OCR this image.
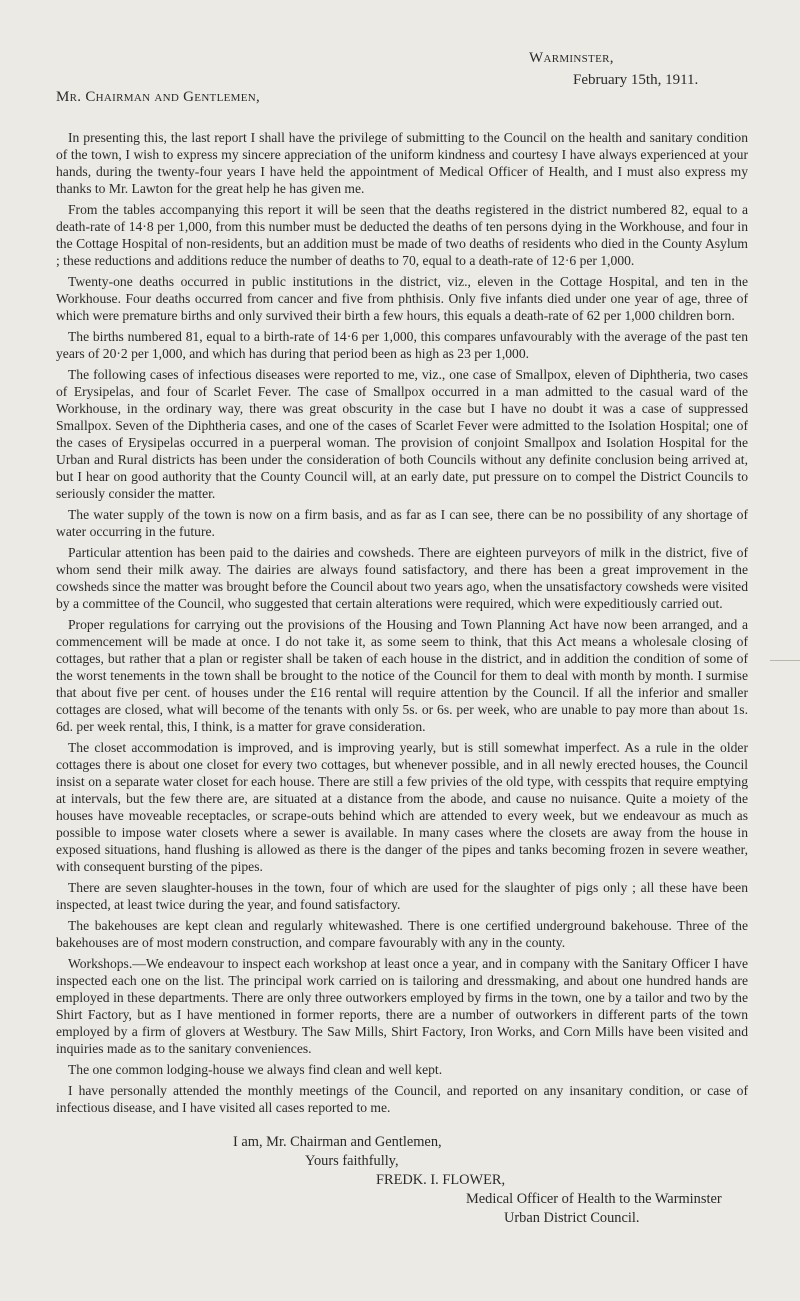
Warminster,
February 15th, 1911.
Mr. Chairman and Gentlemen,

In presenting this, the last report I shall have the privilege of submitting to the Council on the health and sanitary condition of the town, I wish to express my sincere appreciation of the uniform kindness and courtesy I have always experienced at your hands, during the twenty-four years I have held the appointment of Medical Officer of Health, and I must also express my thanks to Mr. Lawton for the great help he has given me.

From the tables accompanying this report it will be seen that the deaths registered in the district numbered 82, equal to a death-rate of 14·8 per 1,000, from this number must be deducted the deaths of ten persons dying in the Workhouse, and four in the Cottage Hospital of non-residents, but an addition must be made of two deaths of residents who died in the County Asylum ; these reductions and additions reduce the number of deaths to 70, equal to a death-rate of 12·6 per 1,000.

Twenty-one deaths occurred in public institutions in the district, viz., eleven in the Cottage Hospital, and ten in the Workhouse. Four deaths occurred from cancer and five from phthisis. Only five infants died under one year of age, three of which were premature births and only survived their birth a few hours, this equals a death-rate of 62 per 1,000 children born.

The births numbered 81, equal to a birth-rate of 14·6 per 1,000, this compares unfavourably with the average of the past ten years of 20·2 per 1,000, and which has during that period been as high as 23 per 1,000.

The following cases of infectious diseases were reported to me, viz., one case of Smallpox, eleven of Diphtheria, two cases of Erysipelas, and four of Scarlet Fever. The case of Smallpox occurred in a man admitted to the casual ward of the Workhouse, in the ordinary way, there was great obscurity in the case but I have no doubt it was a case of suppressed Smallpox. Seven of the Diphtheria cases, and one of the cases of Scarlet Fever were admitted to the Isolation Hospital; one of the cases of Erysipelas occurred in a puerperal woman. The provision of conjoint Smallpox and Isolation Hospital for the Urban and Rural districts has been under the consideration of both Councils without any definite conclusion being arrived at, but I hear on good authority that the County Council will, at an early date, put pressure on to compel the District Councils to seriously consider the matter.

The water supply of the town is now on a firm basis, and as far as I can see, there can be no possibility of any shortage of water occurring in the future.

Particular attention has been paid to the dairies and cowsheds. There are eighteen purveyors of milk in the district, five of whom send their milk away. The dairies are always found satisfactory, and there has been a great improvement in the cowsheds since the matter was brought before the Council about two years ago, when the unsatisfactory cowsheds were visited by a committee of the Council, who suggested that certain alterations were required, which were expeditiously carried out.

Proper regulations for carrying out the provisions of the Housing and Town Planning Act have now been arranged, and a commencement will be made at once. I do not take it, as some seem to think, that this Act means a wholesale closing of cottages, but rather that a plan or register shall be taken of each house in the district, and in addition the condition of some of the worst tenements in the town shall be brought to the notice of the Council for them to deal with month by month. I surmise that about five per cent. of houses under the £16 rental will require attention by the Council. If all the inferior and smaller cottages are closed, what will become of the tenants with only 5s. or 6s. per week, who are unable to pay more than about 1s. 6d. per week rental, this, I think, is a matter for grave consideration.

The closet accommodation is improved, and is improving yearly, but is still somewhat imperfect. As a rule in the older cottages there is about one closet for every two cottages, but whenever possible, and in all newly erected houses, the Council insist on a separate water closet for each house. There are still a few privies of the old type, with cesspits that require emptying at intervals, but the few there are, are situated at a distance from the abode, and cause no nuisance. Quite a moiety of the houses have moveable receptacles, or scrape-outs behind which are attended to every week, but we endeavour as much as possible to impose water closets where a sewer is available. In many cases where the closets are away from the house in exposed situations, hand flushing is allowed as there is the danger of the pipes and tanks becoming frozen in severe weather, with consequent bursting of the pipes.

There are seven slaughter-houses in the town, four of which are used for the slaughter of pigs only ; all these have been inspected, at least twice during the year, and found satisfactory.

The bakehouses are kept clean and regularly whitewashed. There is one certified underground bakehouse. Three of the bakehouses are of most modern construction, and compare favourably with any in the county.

Workshops.—We endeavour to inspect each workshop at least once a year, and in company with the Sanitary Officer I have inspected each one on the list. The principal work carried on is tailoring and dressmaking, and about one hundred hands are employed in these departments. There are only three outworkers employed by firms in the town, one by a tailor and two by the Shirt Factory, but as I have mentioned in former reports, there are a number of outworkers in different parts of the town employed by a firm of glovers at Westbury. The Saw Mills, Shirt Factory, Iron Works, and Corn Mills have been visited and inquiries made as to the sanitary conveniences.

The one common lodging-house we always find clean and well kept.

I have personally attended the monthly meetings of the Council, and reported on any insanitary condition, or case of infectious disease, and I have visited all cases reported to me.

I am, Mr. Chairman and Gentlemen,
Yours faithfully,
FREDK. I. FLOWER,
Medical Officer of Health to the Warminster
Urban District Council.
